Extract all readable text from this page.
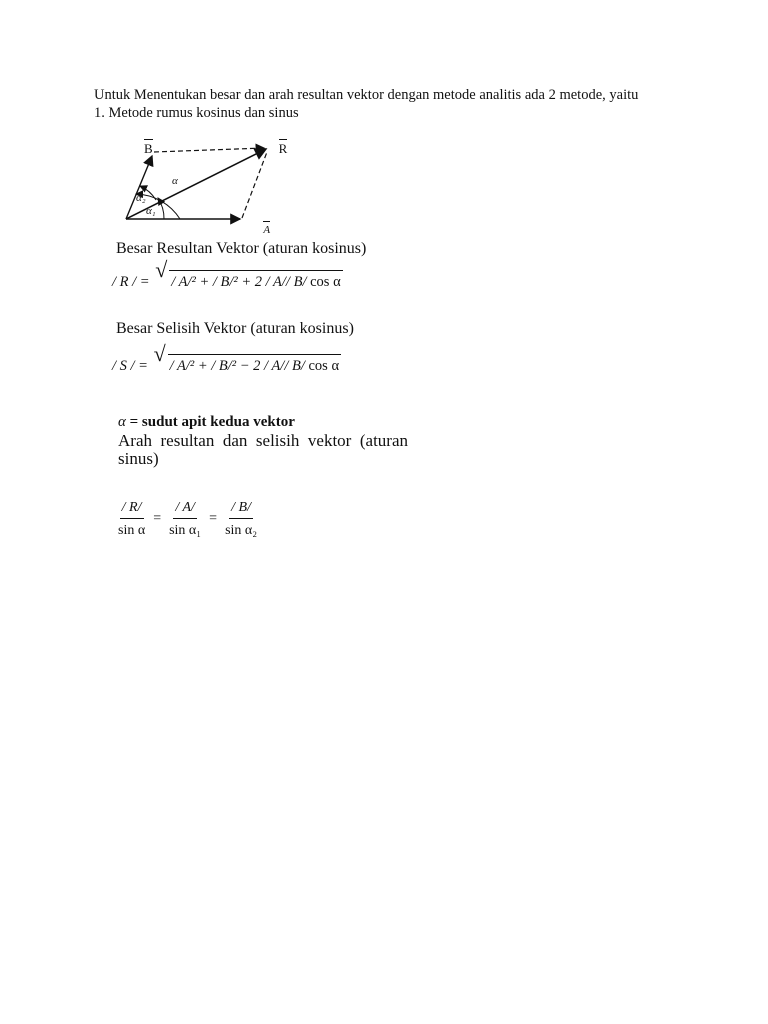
Untuk Menentukan besar dan arah resultan vektor dengan metode analitis ada 2 metode, yaitu
1. Metode rumus kosinus dan sinus
B	R A
α
α₂
α₁
Besar Resultan Vektor (aturan kosinus)
/ R / = √ / A/² + / B/² + 2 / A// B/ cos α
Besar Selisih Vektor (aturan kosinus)
/ S / = √ / A/² + / B/² − 2 / A// B/ cos α
α = sudut apit kedua vektor
Arah resultan dan selisih vektor (aturan sinus)
$\frac{/ R/}{\text{sin α}} = \frac{/ A/}{\text{sin α₁}} = \frac{/ B/}{\text{sin α₂}}$
